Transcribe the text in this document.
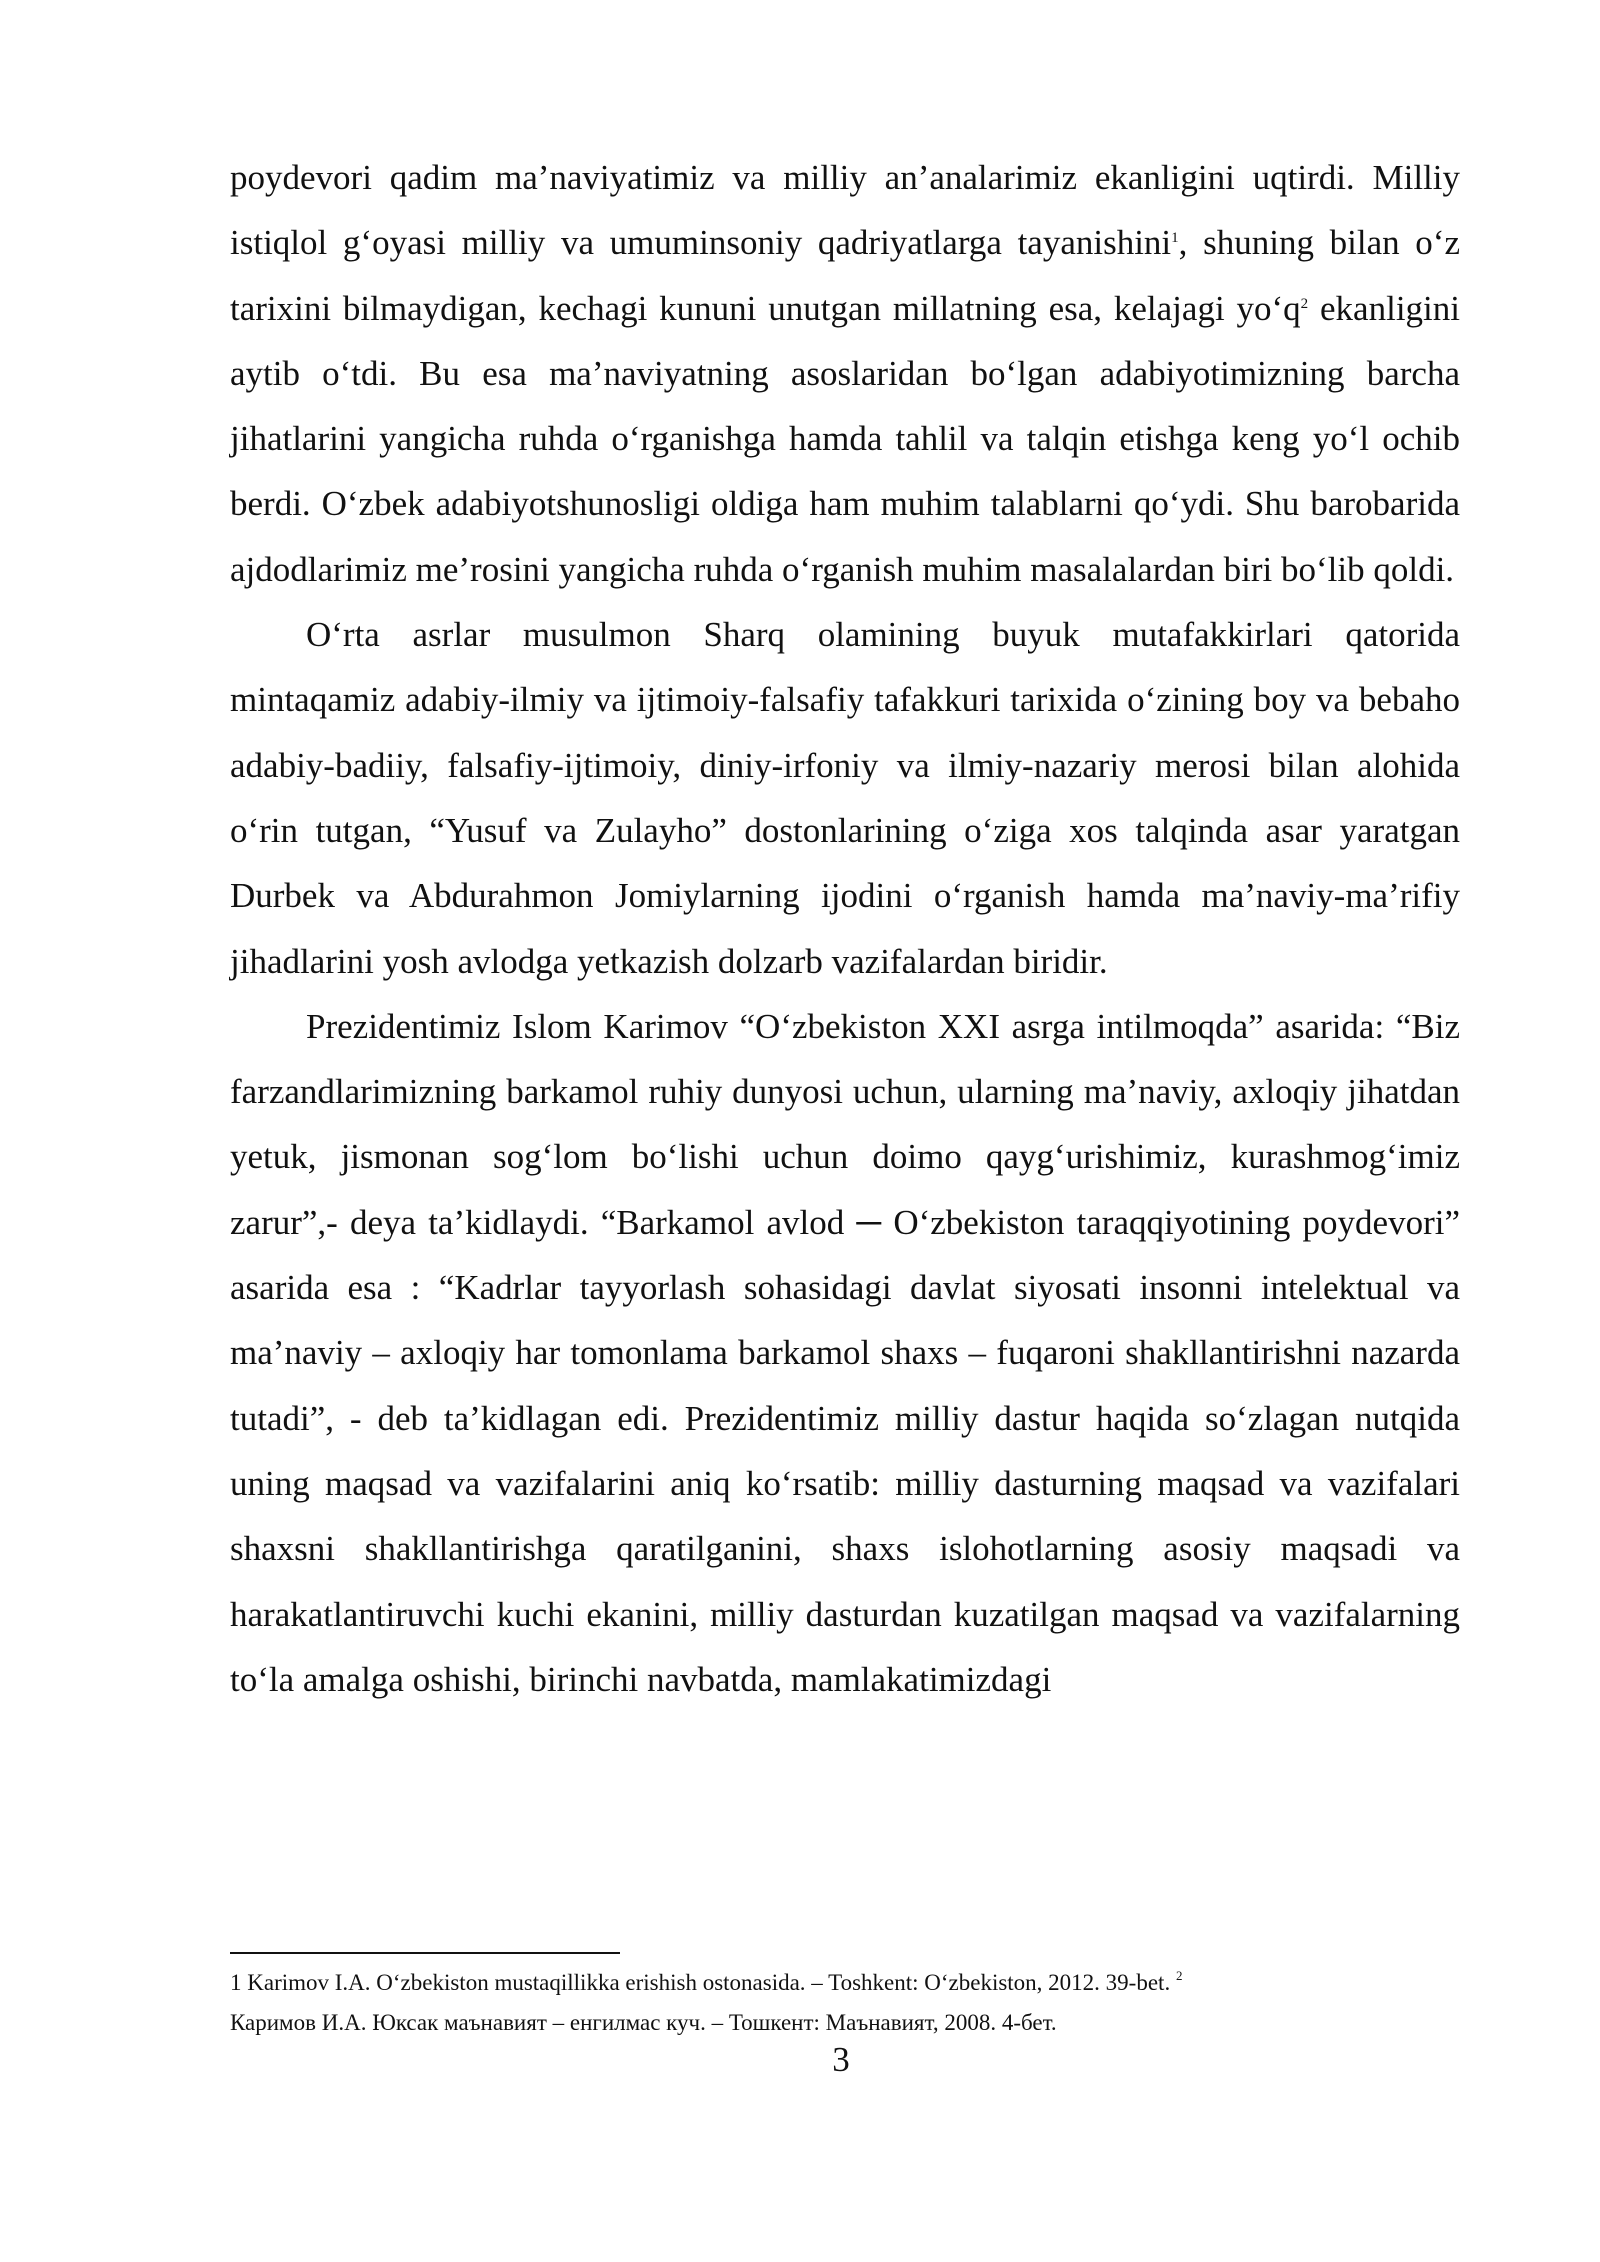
poydevori qadim ma’naviyatimiz va milliy an’analarimiz ekanligini uqtirdi. Milliy istiqlol g‘oyasi milliy va umuminsoniy qadriyatlarga tayanishini$^1$, shuning bilan o‘z tarixini bilmaydigan, kechagi kununi unutgan millatning esa, kelajagi yo‘q$^2$ ekanligini aytib o‘tdi. Bu esa ma’naviyatning asoslaridan bo‘lgan adabiyotimizning barcha jihatlarini yangicha ruhda o‘rganishga hamda tahlil va talqin etishga keng yo‘l ochib berdi. O‘zbek adabiyotshunosligi oldiga ham muhim talablarni qo‘ydi. Shu barobarida ajdodlarimiz me’rosini yangicha ruhda o‘rganish muhim masalalardan biri bo‘lib qoldi.

O‘rta asrlar musulmon Sharq olamining buyuk mutafakkirlari qatorida mintaqamiz adabiy-ilmiy va ijtimoiy-falsafiy tafakkuri tarixida o‘zining boy va bebaho adabiy-badiiy, falsafiy-ijtimoiy, diniy-irfoniy va ilmiy-nazariy merosi bilan alohida o‘rin tutgan, “Yusuf va Zulayho” dostonlarining o‘ziga xos talqinda asar yaratgan Durbek va Abdurahmon Jomiylarning ijodini o‘rganish hamda ma’naviy-ma’rifiy jihadlarini yosh avlodga yetkazish dolzarb vazifalardan biridir.

Prezidentimiz Islom Karimov “O‘zbekiston XXI asrga intilmoqda” asarida: “Biz farzandlarimizning barkamol ruhiy dunyosi uchun, ularning ma’naviy, axloqiy jihatdan yetuk, jismonan sog‘lom bo‘lishi uchun doimo qayg‘urishimiz, kurashmog‘imiz zarur”,- deya ta’kidlaydi. “Barkamol avlod ─ O‘zbekiston taraqqiyotining poydevori” asarida esa : “Kadrlar tayyorlash sohasidagi davlat siyosati insonni intelektual va ma’naviy – axloqiy har tomonlama barkamol shaxs – fuqaroni shakllantirishni nazarda tutadi”, - deb ta’kidlagan edi. Prezidentimiz milliy dastur haqida so‘zlagan nutqida uning maqsad va vazifalarini aniq ko‘rsatib: milliy dasturning maqsad va vazifalari shaxsni shakllantirishga qaratilganini, shaxs islohotlarning asosiy maqsadi va harakatlantiruvchi kuchi ekanini, milliy dasturdan kuzatilgan maqsad va vazifalarning to‘la amalga oshishi, birinchi navbatda, mamlakatimizdagi

1 Karimov I.A. O‘zbekiston mustaqillikka erishish ostonasida. – Toshkent: O‘zbekiston, 2012. 39-bet. $^2$

Каримов И.А. Юксак маънавият – енгилмас куч. – Тошкент: Маънавият, 2008. 4-бет.

3
